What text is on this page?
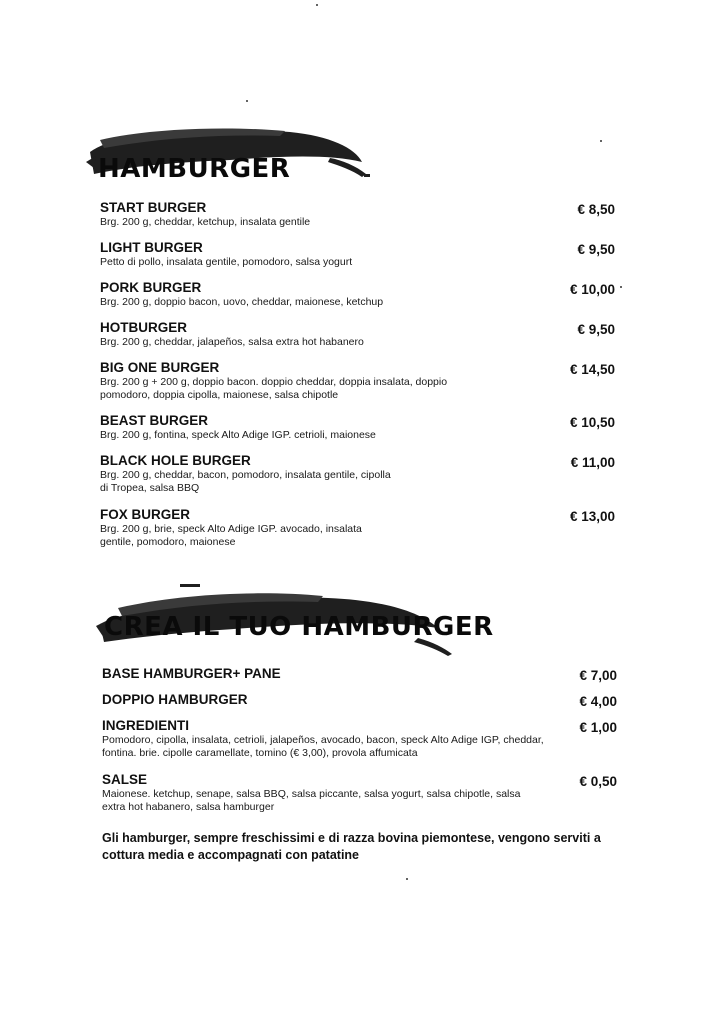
HAMBURGER
START BURGER
Brg. 200 g, cheddar, ketchup, insalata gentile
€ 8,50
LIGHT BURGER
Petto di pollo, insalata gentile, pomodoro, salsa yogurt
€ 9,50
PORK BURGER
Brg. 200 g, doppio bacon, uovo, cheddar, maionese, ketchup
€ 10,00
HOTBURGER
Brg. 200 g, cheddar, jalapeños, salsa extra hot habanero
€ 9,50
BIG ONE BURGER
Brg. 200 g + 200 g, doppio bacon. doppio cheddar, doppia insalata, doppio pomodoro, doppia cipolla, maionese, salsa chipotle
€ 14,50
BEAST BURGER
Brg. 200 g, fontina, speck Alto Adige IGP. cetrioli, maionese
€ 10,50
BLACK HOLE BURGER
Brg. 200 g, cheddar, bacon, pomodoro, insalata gentile, cipolla di Tropea, salsa BBQ
€ 11,00
FOX BURGER
Brg. 200 g, brie, speck Alto Adige IGP. avocado, insalata gentile, pomodoro, maionese
€ 13,00
CREA IL TUO HAMBURGER
BASE HAMBURGER+ PANE	€ 7,00
DOPPIO HAMBURGER	€ 4,00
INGREDIENTI
Pomodoro, cipolla, insalata, cetrioli, jalapeños, avocado, bacon, speck Alto Adige IGP, cheddar, fontina. brie. cipolle caramellate, tomino (€ 3,00), provola affumicata
€ 1,00
SALSE
Maionese. ketchup, senape, salsa BBQ, salsa piccante, salsa yogurt, salsa chipotle, salsa extra hot habanero, salsa hamburger
€ 0,50

Gli hamburger, sempre freschissimi e di razza bovina piemontese, vengono serviti a cottura media e accompagnati con patatine
